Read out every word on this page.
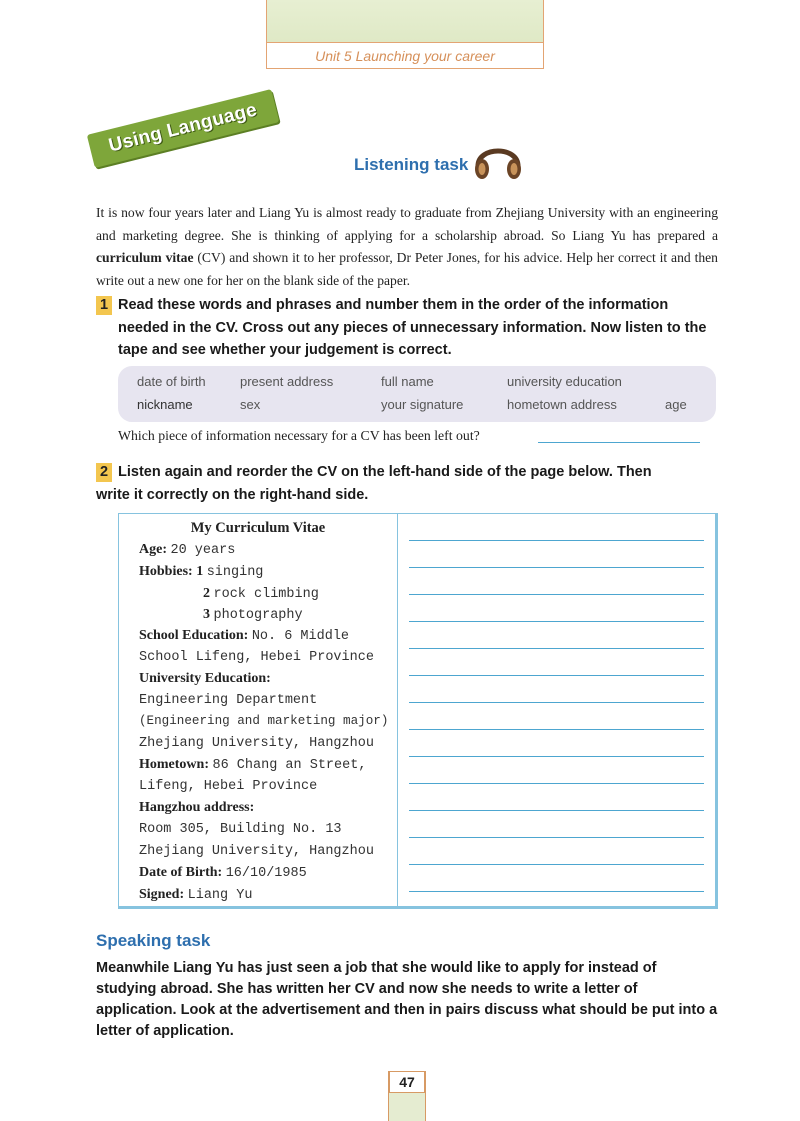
Unit 5 Launching your career
Using Language
Listening task

It is now four years later and Liang Yu is almost ready to graduate from Zhejiang University with an engineering and marketing degree. She is thinking of applying for a scholarship abroad. So Liang Yu has prepared a curriculum vitae (CV) and shown it to her professor, Dr Peter Jones, for his advice. Help her correct it and then write out a new one for her on the blank side of the paper.

1 Read these words and phrases and number them in the order of the information
needed in the CV. Cross out any pieces of unnecessary information. Now listen to the tape and see whether your judgement is correct.
date of birth	present address	full name	university education
nickname	sex	your signature	hometown address	age
Which piece of information necessary for a CV has been left out?
2 Listen again and reorder the CV on the left-hand side of the page below. Then
write it correctly on the right-hand side.
My Curriculum Vitae
Age: 20 years
Hobbies: 1 singing
2 rock climbing
3 photography
School Education: No. 6 Middle
School Lifeng, Hebei Province
University Education:
Engineering Department
(Engineering and marketing major)
Zhejiang University, Hangzhou
Hometown: 86 Chang an Street,
Lifeng, Hebei Province
Hangzhou address:
Room 305, Building No. 13
Zhejiang University, Hangzhou
Date of Birth: 16/10/1985
Signed: Liang Yu
Speaking task
Meanwhile Liang Yu has just seen a job that she would like to apply for instead of studying abroad. She has written her CV and now she needs to write a letter of application. Look at the advertisement and then in pairs discuss what should be put into a letter of application.
47
